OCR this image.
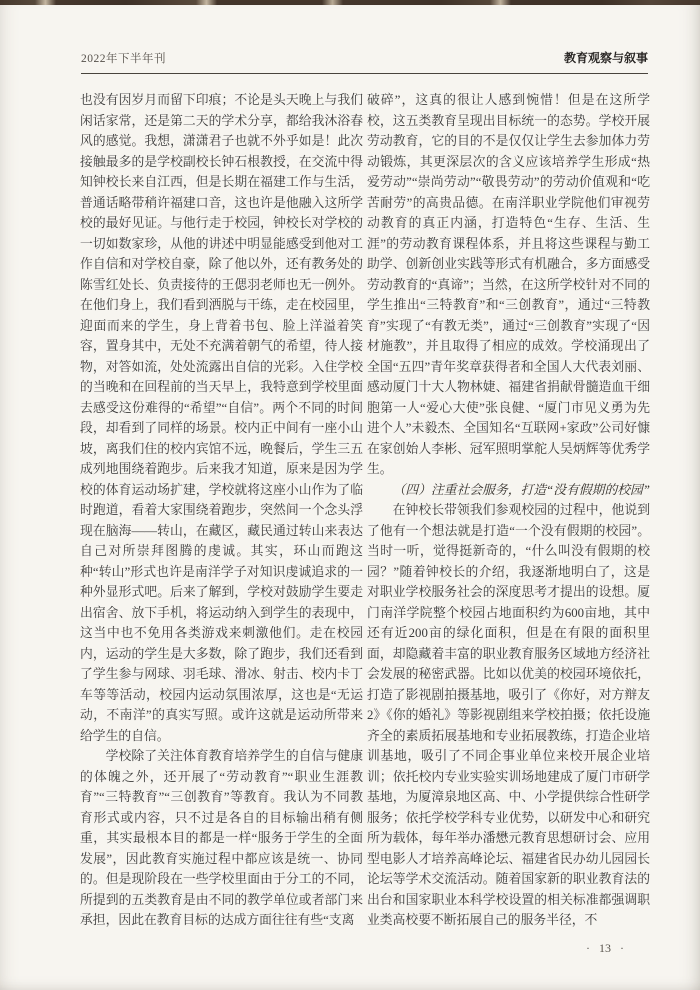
2022年下半年刊	教育观察与叙事

也没有因岁月而留下印痕；不论是头天晚上与我们闲话家常，还是第二天的学术分享，都给我沐浴春风的感觉。我想，潇潇君子也就不外乎如是！此次接触最多的是学校副校长钟石根教授，在交流中得知钟校长来自江西，但是长期在福建工作与生活，普通话略带稍许福建口音，这也许是他融入这所学校的最好见证。与他行走于校园，钟校长对学校的一切如数家珍，从他的讲述中明显能感受到他对工作自信和对学校自豪，除了他以外，还有教务处的陈雪红处长、负责接待的王偲羽老师也无一例外。在他们身上，我们看到洒脱与干练，走在校园里，迎面而来的学生，身上背着书包、脸上洋溢着笑容，置身其中，无处不充满着朝气的希望，待人接物，对答如流，处处流露出自信的光彩。入住学校的当晚和在回程前的当天早上，我特意到学校里面去感受这份难得的“希望”“自信”。两个不同的时间段，却看到了同样的场景。校内正中间有一座小山坡，离我们住的校内宾馆不远，晚餐后，学生三五成列地围绕着跑步。后来我才知道，原来是因为学校的体育运动场扩建，学校就将这座小山作为了临时跑道，看着大家围绕着跑步，突然间一个念头浮现在脑海——转山，在藏区，藏民通过转山来表达自己对所崇拜图腾的虔诚。其实，环山而跑这种“转山”形式也许是南洋学子对知识虔诚追求的一种外显形式吧。后来了解到，学校对鼓励学生要走出宿舍、放下手机，将运动纳入到学生的表现中，这当中也不免用各类游戏来刺激他们。走在校园内，运动的学生是大多数，除了跑步，我们还看到了学生参与网球、羽毛球、滑冰、射击、校内卡丁车等等活动，校园内运动氛围浓厚，这也是“无运动，不南洋”的真实写照。或许这就是运动所带来给学生的自信。

学校除了关注体育教育培养学生的自信与健康的体魄之外，还开展了“劳动教育”“职业生涯教育”“三特教育”“三创教育”等教育。我认为不同教育形式或内容，只不过是各自的目标输出稍有侧重，其实最根本目的都是一样“服务于学生的全面发展”，因此教育实施过程中都应该是统一、协同的。但是现阶段在一些学校里面由于分工的不同，所提到的五类教育是由不同的教学单位或者部门来承担，因此在教育目标的达成方面往往有些“支离

破碎”，这真的很让人感到惋惜！但是在这所学校，这五类教育呈现出目标统一的态势。学校开展劳动教育，它的目的不是仅仅让学生去参加体力劳动锻炼，其更深层次的含义应该培养学生形成“热爱劳动”“崇尚劳动”“敬畏劳动”的劳动价值观和“吃苦耐劳”的高贵品德。在南洋职业学院他们审视劳动教育的真正内涵，打造特色“生存、生活、生涯”的劳动教育课程体系，并且将这些课程与勤工助学、创新创业实践等形式有机融合，多方面感受劳动教育的“真谛”；当然，在这所学校针对不同的学生推出“三特教育”和“三创教育”，通过“三特教育”实现了“有教无类”，通过“三创教育”实现了“因材施教”，并且取得了相应的成效。学校涌现出了全国“五四”青年奖章获得者和全国人大代表刘丽、感动厦门十大人物林婕、福建省捐献骨髓造血干细胞第一人“爱心大使”张良健、“厦门市见义勇为先进个人”未毅杰、全国知名“互联网+家政”公司好慷在家创始人李彬、冠军照明掌舵人吴炳辉等优秀学生。

（四）注重社会服务，打造“没有假期的校园”

在钟校长带领我们参观校园的过程中，他说到了他有一个想法就是打造“一个没有假期的校园”。当时一听，觉得挺新奇的，“什么叫没有假期的校园？”随着钟校长的介绍，我逐渐地明白了，这是对职业学校服务社会的深度思考才提出的设想。厦门南洋学院整个校园占地面积约为600亩地，其中还有近200亩的绿化面积，但是在有限的面积里面，却隐藏着丰富的职业教育服务区域地方经济社会发展的秘密武器。比如以优美的校园环境依托，打造了影视剧拍摄基地，吸引了《你好，对方辩友2》《你的婚礼》等影视剧组来学校拍摄；依托设施齐全的素质拓展基地和专业拓展教练，打造企业培训基地，吸引了不同企事业单位来校开展企业培训；依托校内专业实验实训场地建成了厦门市研学基地，为厦漳泉地区高、中、小学提供综合性研学服务；依托学校学科专业优势，以研发中心和研究所为载体，每年举办潘懋元教育思想研讨会、应用型电影人才培养高峰论坛、福建省民办幼儿园园长论坛等学术交流活动。随着国家新的职业教育法的出台和国家职业本科学校设置的相关标准都强调职业类高校要不断拓展自己的服务半径，不

· 13 ·
